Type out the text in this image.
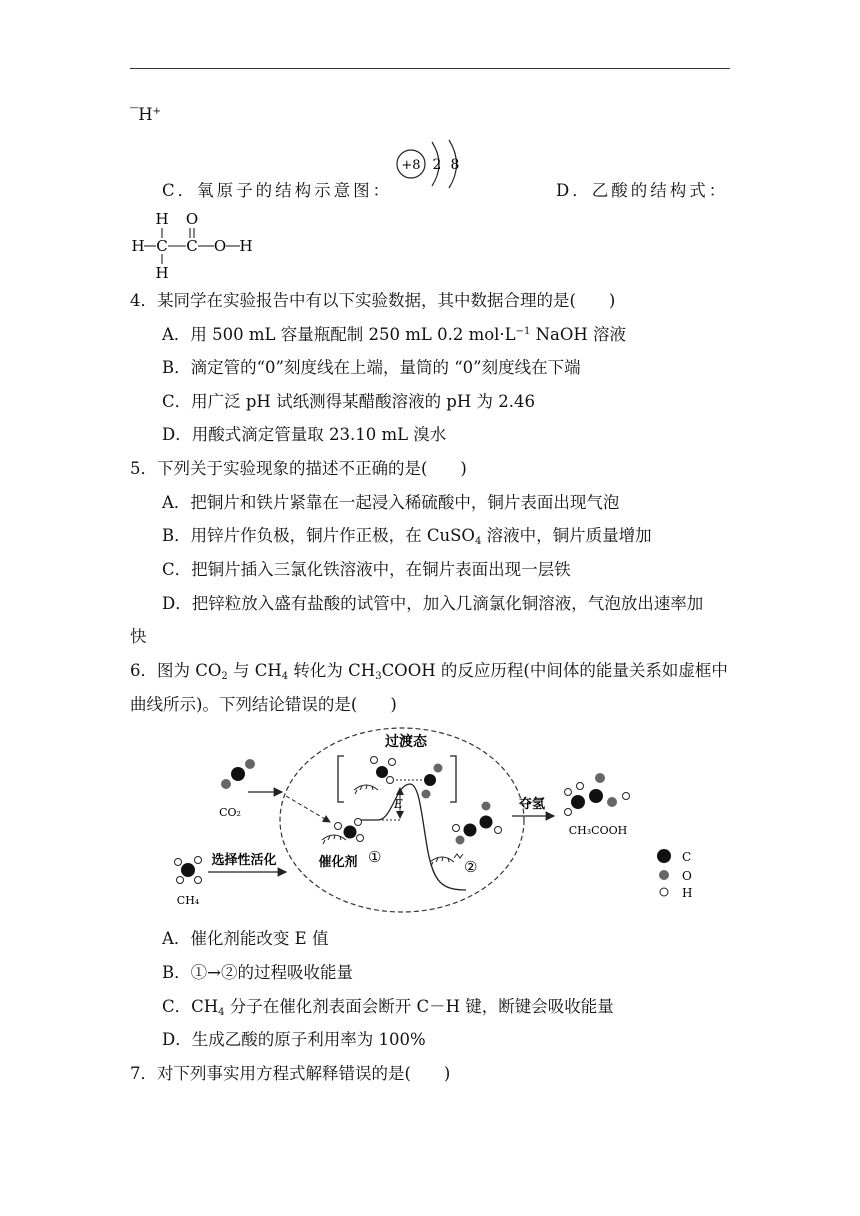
‾H+
C．氧原子的结构示意图：
+8 2 8
D．乙酸的结构式：
H O
H C C O H
H
4．某同学在实验报告中有以下实验数据，其中数据合理的是(　　)
A．用 500 mL 容量瓶配制 250 mL 0.2 $mol\cdot L^{-1}$ NaOH 溶液
B．滴定管的“0”刻度线在上端，量筒的 “0”刻度线在下端
C．用广泛 pH 试纸测得某醋酸溶液的 pH 为 2.46
D．用酸式滴定管量取 23.10 mL 溴水
5．下列关于实验现象的描述不正确的是(　　)
A．把铜片和铁片紧靠在一起浸入稀硫酸中，铜片表面出现气泡
B．用锌片作负极，铜片作正极，在 CuSO$_4$ 溶液中，铜片质量增加
C．把铜片插入三氯化铁溶液中，在铜片表面出现一层铁
D．把锌粒放入盛有盐酸的试管中，加入几滴氯化铜溶液，气泡放出速率加
快
6．图为 $CO_2$ 与 $CH_4$ 转化为 $CH_3COOH$ 的反应历程(中间体的能量关系如虚框中
曲线所示)。下列结论错误的是(　　)
过渡态
E
CO₂
催化剂 ①
CH₄
选择性活化	②
夺氢
CH₃COOH
C
O
H
A．催化剂能改变 E 值
B．①→②的过程吸收能量
C．$CH_4$ 分子在催化剂表面会断开 C－H 键，断键会吸收能量
D．生成乙酸的原子利用率为 100%
7．对下列事实用方程式解释错误的是(　　)
